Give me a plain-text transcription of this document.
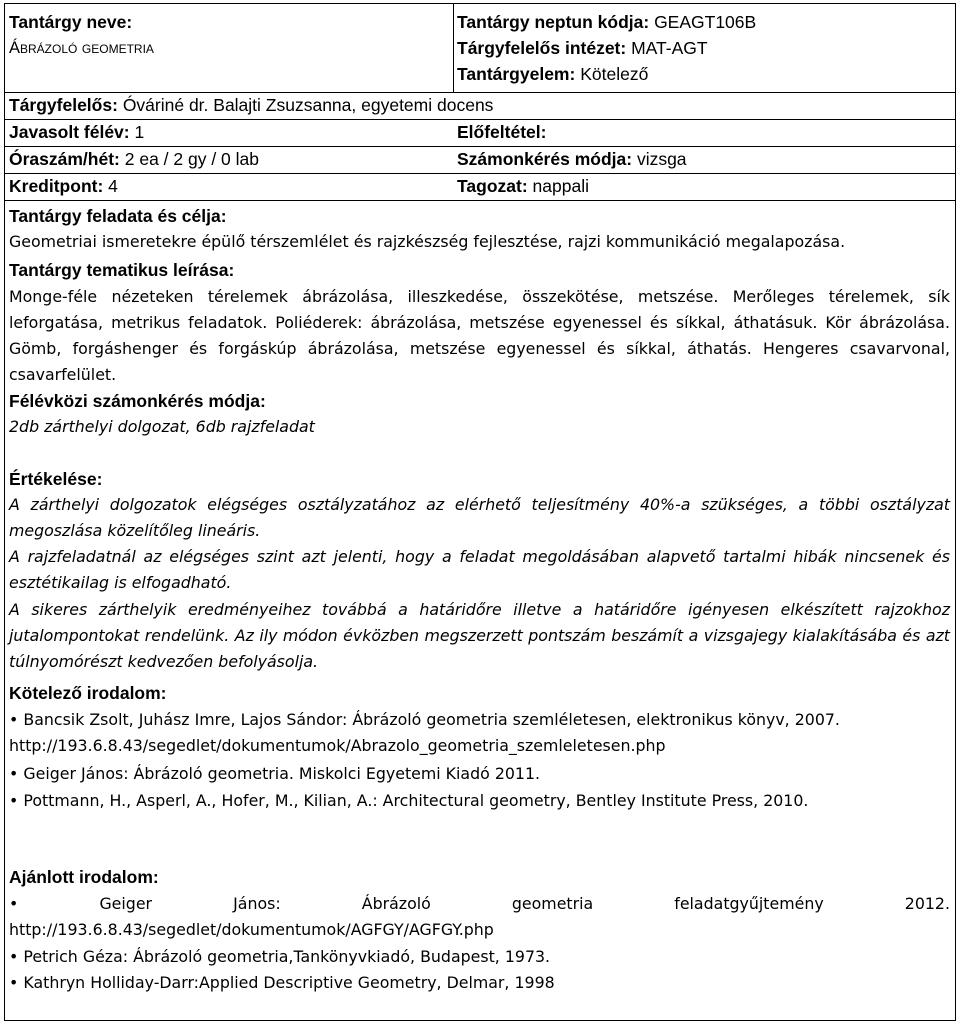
Tantárgy neve:
Ábrázoló geometria
Tantárgy neptun kódja: GEAGT106B
Tárgyfelelős intézet: MAT-AGT
Tantárgyelem: Kötelező
Tárgyfelelős: Óváriné dr. Balajti Zsuzsanna, egyetemi docens
Javasolt félév: 1	Előfeltétel:
Óraszám/hét: 2 ea / 2 gy / 0 lab	Számonkérés módja: vizsga
Kreditpont: 4	Tagozat: nappali
Tantárgy feladata és célja:
Geometriai ismeretekre épülő térszemlélet és rajzkészség fejlesztése, rajzi kommunikáció megalapozása.
Tantárgy tematikus leírása:
Monge-féle nézeteken térelemek ábrázolása, illeszkedése, összekötése, metszése. Merőleges térelemek, sík leforgatása, metrikus feladatok. Poliéderek: ábrázolása, metszése egyenessel és síkkal, áthatásuk. Kör ábrázolása. Gömb, forgáshenger és forgáskúp ábrázolása, metszése egyenessel és síkkal, áthatás. Hengeres csavarvonal, csavarfelület.
Félévközi számonkérés módja:
2db zárthelyi dolgozat, 6db rajzfeladat
Értékelése:
A zárthelyi dolgozatok elégséges osztályzatához az elérhető teljesítmény 40%-a szükséges, a többi osztályzat megoszlása közelítőleg lineáris.
A rajzfeladatnál az elégséges szint azt jelenti, hogy a feladat megoldásában alapvető tartalmi hibák nincsenek és esztétikailag is elfogadható.
A sikeres zárthelyik eredményeihez továbbá a határidőre illetve a határidőre igényesen elkészített rajzokhoz jutalompontokat rendelünk. Az ily módon évközben megszerzett pontszám beszámít a vizsgajegy kialakításába és azt túlnyomórészt kedvezően befolyásolja.
Kötelező irodalom:
• Bancsik Zsolt, Juhász Imre, Lajos Sándor: Ábrázoló geometria szemléletesen, elektronikus könyv, 2007. http://193.6.8.43/segedlet/dokumentumok/Abrazolo_geometria_szemleletesen.php
• Geiger János: Ábrázoló geometria. Miskolci Egyetemi Kiadó 2011.
• Pottmann, H., Asperl, A., Hofer, M., Kilian, A.: Architectural geometry, Bentley Institute Press, 2010.
Ajánlott irodalom:
•	Geiger János: Ábrázoló geometria feladatgyűjtemény 2012.
http://193.6.8.43/segedlet/dokumentumok/AGFGY/AGFGY.php
• Petrich Géza: Ábrázoló geometria,Tankönyvkiadó, Budapest, 1973.
• Kathryn Holliday-Darr:Applied Descriptive Geometry, Delmar, 1998
